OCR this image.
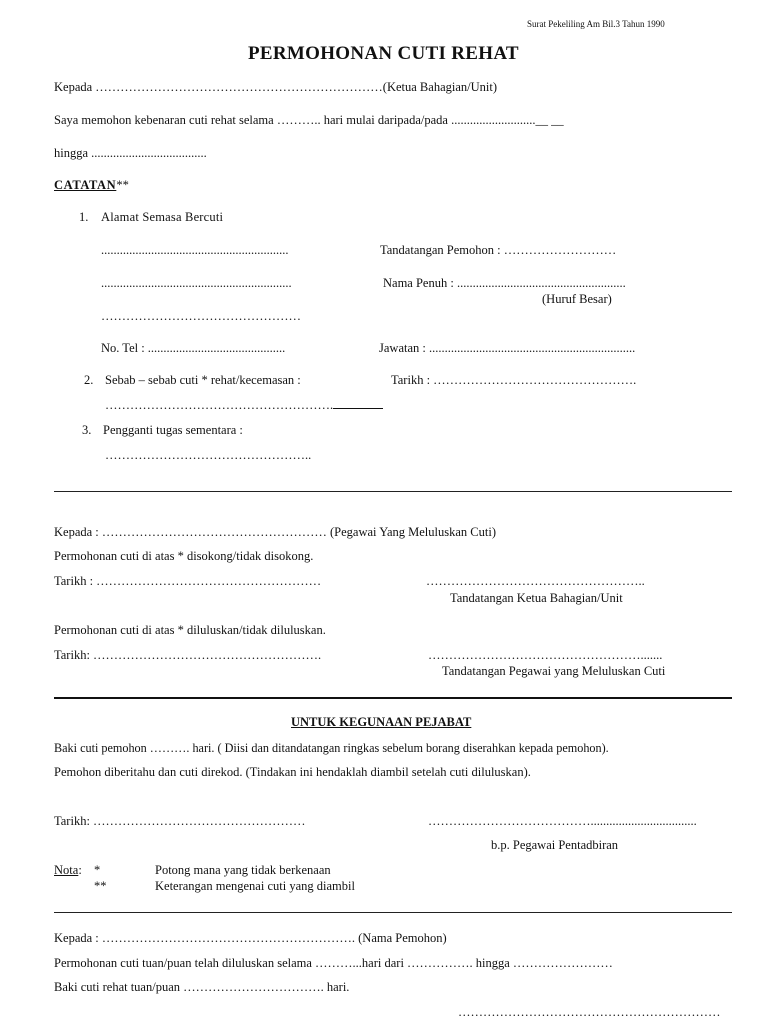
Surat Pekeliling Am Bil.3 Tahun 1990
PERMOHONAN CUTI REHAT
Kepada ……………………………………………………………(Ketua Bahagian/Unit)
Saya memohon kebenaran cuti rehat selama ……….. hari mulai daripada/pada ...........................__ __
hingga .....................................
CATATAN**
1. Alamat Semasa Bercuti
............................................................	Tandatangan Pemohon : ………………………
.............................................................	Nama Penuh : ......................................................
(Huruf Besar)
…………………………………………
No. Tel : ............................................	Jawatan : ..................................................................
2. Sebab – sebab cuti * rehat/kecemasan :	Tarikh : ………………………………………….
……………………………………………….
3. Pengganti tugas sementara :
…………………………………………..
Kepada : ……………………………………………… (Pegawai Yang Meluluskan Cuti)
Permohonan cuti di atas * disokong/tidak disokong.
Tarikh : ………………………………………………	……………………………………………..
Tandatangan Ketua Bahagian/Unit
Permohonan cuti di atas * diluluskan/tidak diluluskan.
Tarikh: ……………………………………………….	…………………………………………….......
Tandatangan Pegawai yang Meluluskan Cuti
UNTUK KEGUNAAN PEJABAT
Baki cuti pemohon ………. hari. ( Diisi dan ditandatangan ringkas sebelum borang diserahkan kepada pemohon).
Pemohon diberitahu dan cuti direkod. (Tindakan ini hendaklah diambil setelah cuti diluluskan).
Tarikh: ……………………………………………	…………………………………..................................
b.p. Pegawai Pentadbiran
Nota: *	Potong mana yang tidak berkenaan
**	Keterangan mengenai cuti yang diambil
Kepada : ……………………………………………………. (Nama Pemohon)
Permohonan cuti tuan/puan telah diluluskan selama ………...hari dari ……………. hingga ……………………
Baki cuti rehat tuan/puan ……………………………. hari.
………………………………………………………
